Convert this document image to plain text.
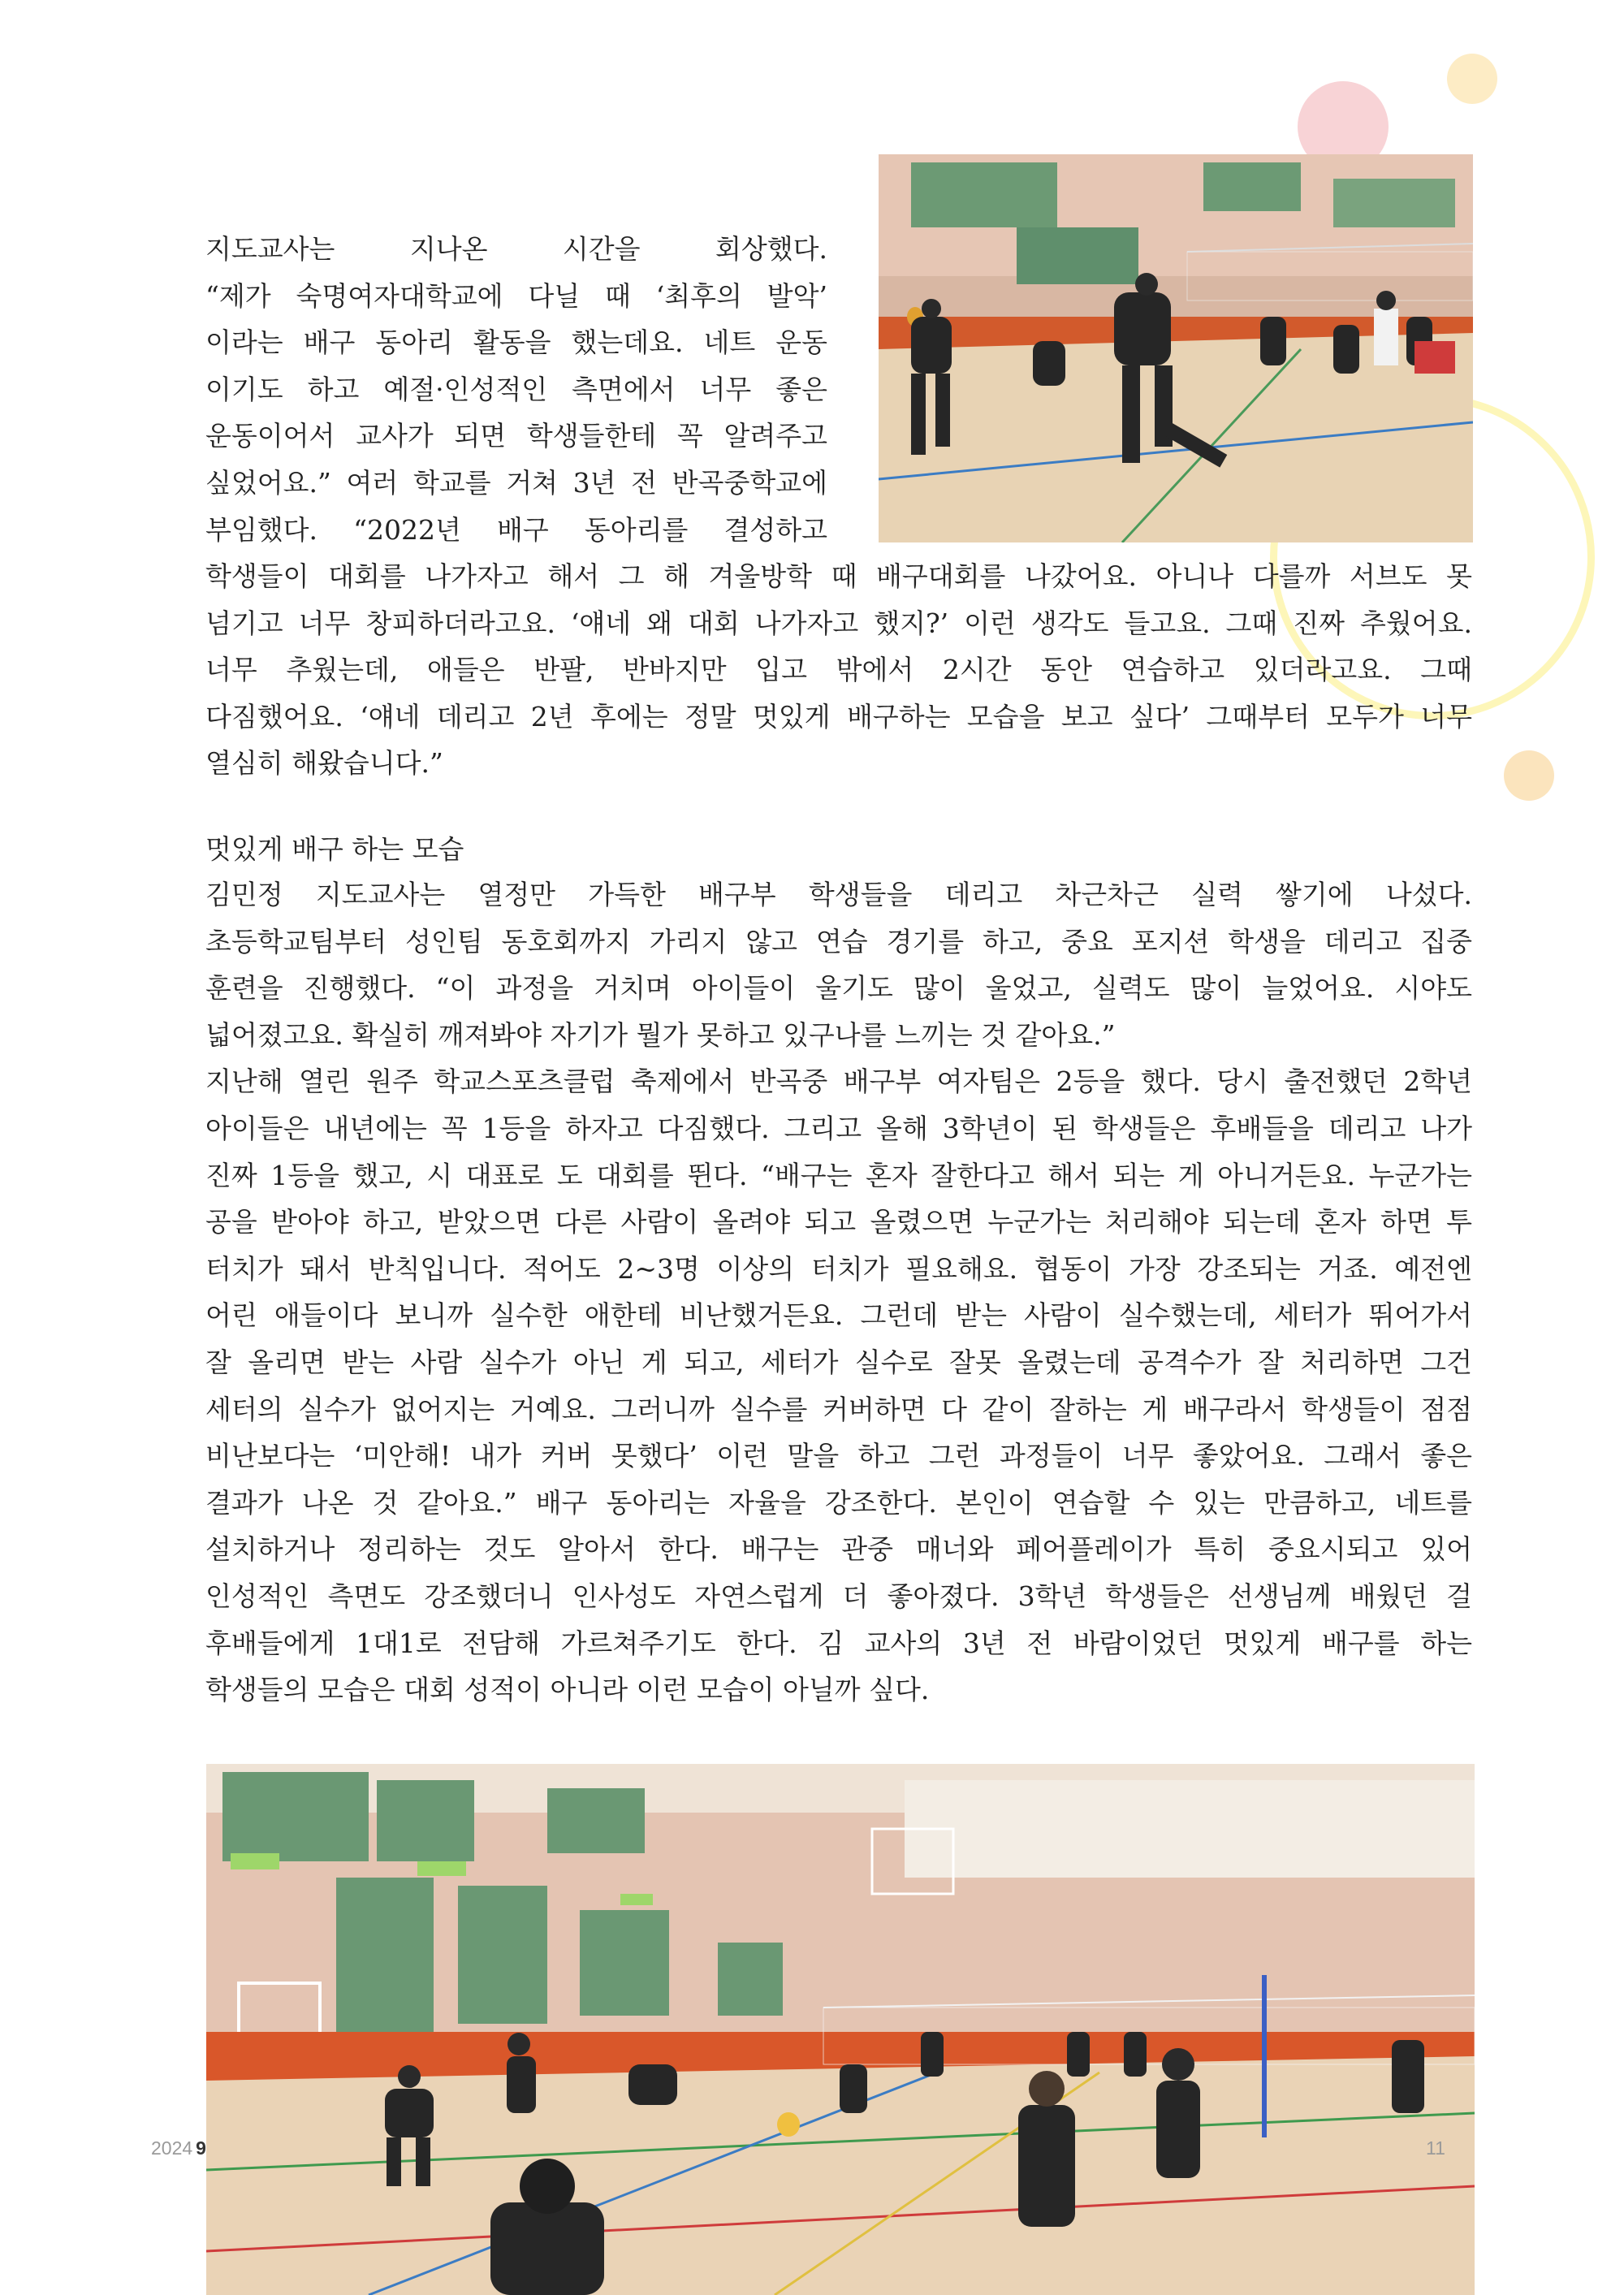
지도교사는 지나온 시간을 회상했다.
“제가 숙명여자대학교에 다닐 때 ‘최후의 발악’
이라는 배구 동아리 활동을 했는데요. 네트 운동
이기도 하고 예절·인성적인 측면에서 너무 좋은
운동이어서 교사가 되면 학생들한테 꼭 알려주고
싶었어요.” 여러 학교를 거쳐 3년 전 반곡중학교에
부임했다. “2022년 배구 동아리를 결성하고

학생들이 대회를 나가자고 해서 그 해 겨울방학 때 배구대회를 나갔어요. 아니나 다를까 서브도 못
넘기고 너무 창피하더라고요. ‘얘네 왜 대회 나가자고 했지?’ 이런 생각도 들고요. 그때 진짜 추웠어요.
너무 추웠는데, 애들은 반팔, 반바지만 입고 밖에서 2시간 동안 연습하고 있더라고요. 그때
다짐했어요. ‘얘네 데리고 2년 후에는 정말 멋있게 배구하는 모습을 보고 싶다’ 그때부터 모두가 너무
열심히 해왔습니다.”

멋있게 배구 하는 모습

김민정 지도교사는 열정만 가득한 배구부 학생들을 데리고 차근차근 실력 쌓기에 나섰다.
초등학교팀부터 성인팀 동호회까지 가리지 않고 연습 경기를 하고, 중요 포지션 학생을 데리고 집중
훈련을 진행했다. “이 과정을 거치며 아이들이 울기도 많이 울었고, 실력도 많이 늘었어요. 시야도
넓어졌고요. 확실히 깨져봐야 자기가 뭘가 못하고 있구나를 느끼는 것 같아요.”
지난해 열린 원주 학교스포츠클럽 축제에서 반곡중 배구부 여자팀은 2등을 했다. 당시 출전했던 2학년
아이들은 내년에는 꼭 1등을 하자고 다짐했다. 그리고 올해 3학년이 된 학생들은 후배들을 데리고 나가
진짜 1등을 했고, 시 대표로 도 대회를 뛴다. “배구는 혼자 잘한다고 해서 되는 게 아니거든요. 누군가는
공을 받아야 하고, 받았으면 다른 사람이 올려야 되고 올렸으면 누군가는 처리해야 되는데 혼자 하면 투
터치가 돼서 반칙입니다. 적어도 2~3명 이상의 터치가 필요해요. 협동이 가장 강조되는 거죠. 예전엔
어린 애들이다 보니까 실수한 애한테 비난했거든요. 그런데 받는 사람이 실수했는데, 세터가 뛰어가서
잘 올리면 받는 사람 실수가 아닌 게 되고, 세터가 실수로 잘못 올렸는데 공격수가 잘 처리하면 그건
세터의 실수가 없어지는 거예요. 그러니까 실수를 커버하면 다 같이 잘하는 게 배구라서 학생들이 점점
비난보다는 ‘미안해! 내가 커버 못했다’ 이런 말을 하고 그런 과정들이 너무 좋았어요. 그래서 좋은
결과가 나온 것 같아요.” 배구 동아리는 자율을 강조한다. 본인이 연습할 수 있는 만큼하고, 네트를
설치하거나 정리하는 것도 알아서 한다. 배구는 관중 매너와 페어플레이가 특히 중요시되고 있어
인성적인 측면도 강조했더니 인사성도 자연스럽게 더 좋아졌다. 3학년 학생들은 선생님께 배웠던 걸
후배들에게 1대1로 전담해 가르쳐주기도 한다. 김 교사의 3년 전 바람이었던 멋있게 배구를 하는
학생들의 모습은 대회 성적이 아니라 이런 모습이 아닐까 싶다.

2024 9	11
